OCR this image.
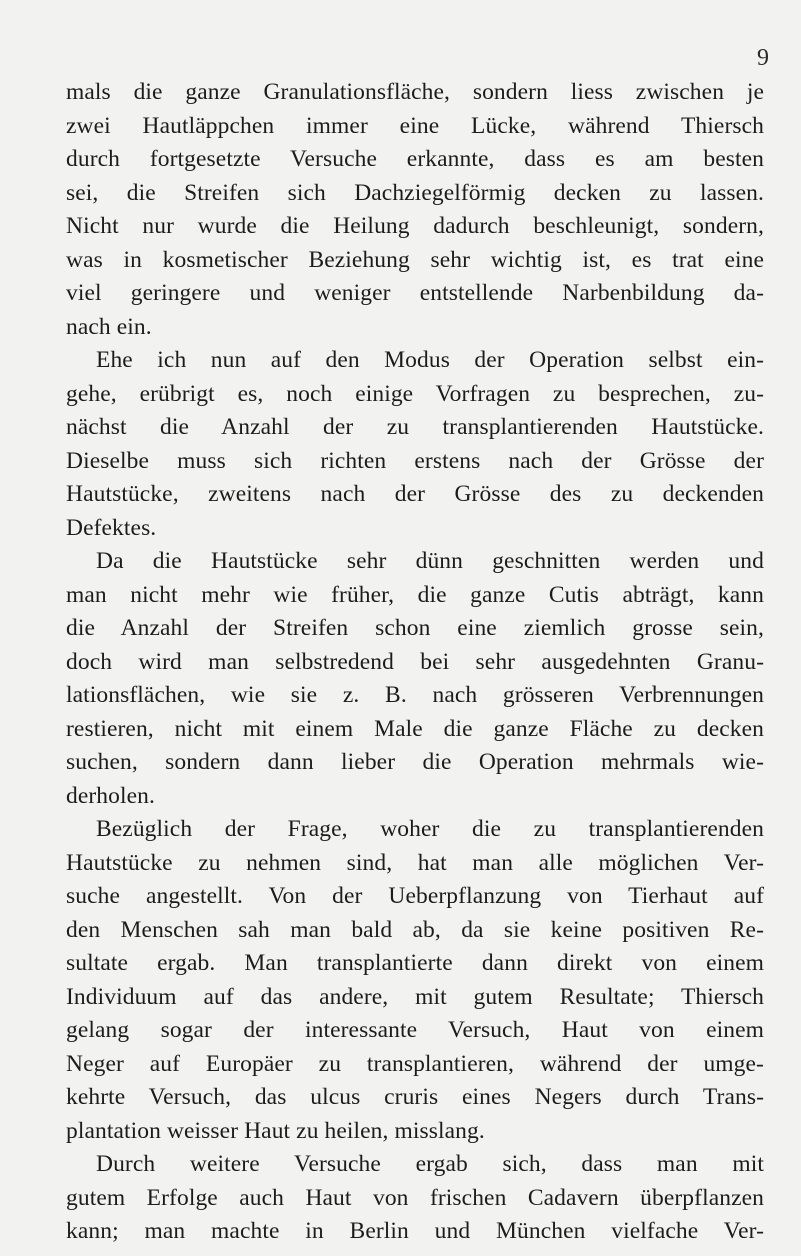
9
mals die ganze Granulationsfläche, sondern liess zwischen je
zwei Hautläppchen immer eine Lücke, während Thiersch
durch fortgesetzte Versuche erkannte, dass es am besten
sei, die Streifen sich Dachziegelförmig decken zu lassen.
Nicht nur wurde die Heilung dadurch beschleunigt, sondern,
was in kosmetischer Beziehung sehr wichtig ist, es trat eine
viel geringere und weniger entstellende Narbenbildung da-
nach ein.
Ehe ich nun auf den Modus der Operation selbst ein-
gehe, erübrigt es, noch einige Vorfragen zu besprechen, zu-
nächst die Anzahl der zu transplantierenden Hautstücke.
Dieselbe muss sich richten erstens nach der Grösse der
Hautstücke, zweitens nach der Grösse des zu deckenden
Defektes.
Da die Hautstücke sehr dünn geschnitten werden und
man nicht mehr wie früher, die ganze Cutis abträgt, kann
die Anzahl der Streifen schon eine ziemlich grosse sein,
doch wird man selbstredend bei sehr ausgedehnten Granu-
lationsflächen, wie sie z. B. nach grösseren Verbrennungen
restieren, nicht mit einem Male die ganze Fläche zu decken
suchen, sondern dann lieber die Operation mehrmals wie-
derholen.
Bezüglich der Frage, woher die zu transplantierenden
Hautstücke zu nehmen sind, hat man alle möglichen Ver-
suche angestellt. Von der Ueberpflanzung von Tierhaut auf
den Menschen sah man bald ab, da sie keine positiven Re-
sultate ergab. Man transplantierte dann direkt von einem
Individuum auf das andere, mit gutem Resultate; Thiersch
gelang sogar der interessante Versuch, Haut von einem
Neger auf Europäer zu transplantieren, während der umge-
kehrte Versuch, das ulcus cruris eines Negers durch Trans-
plantation weisser Haut zu heilen, misslang.
Durch weitere Versuche ergab sich, dass man mit
gutem Erfolge auch Haut von frischen Cadavern überpflanzen
kann; man machte in Berlin und München vielfache Ver-
